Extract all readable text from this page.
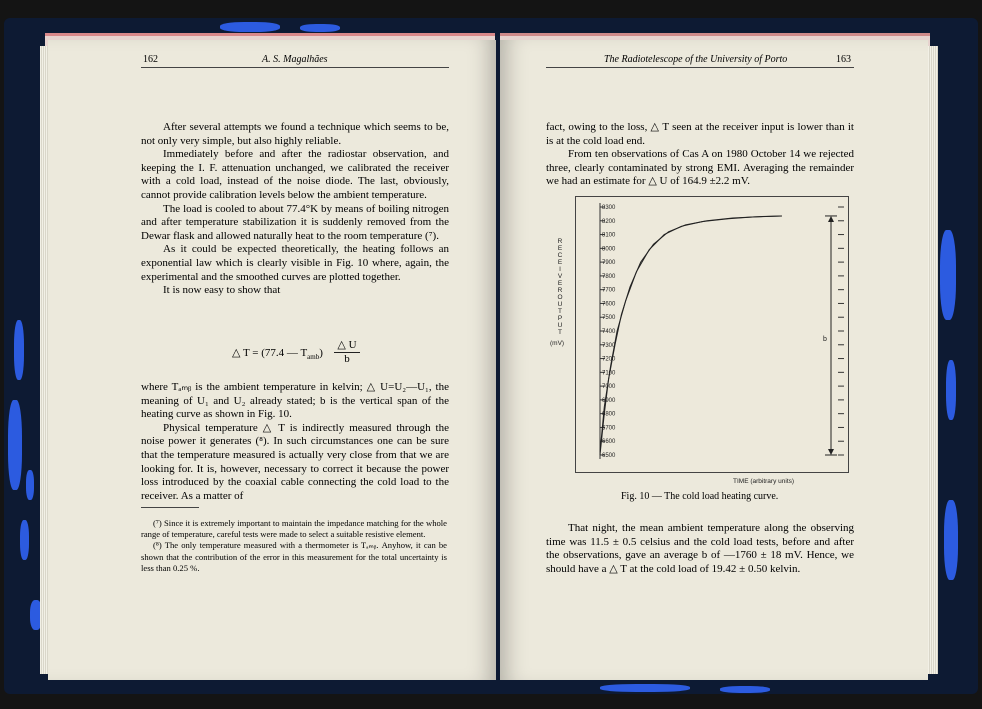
162	A. S. Magalhães

After several attempts we found a technique which seems to be, not only very simple, but also highly reliable.

Immediately before and after the radiostar observation, and keeping the I. F. attenuation unchanged, we calibrated the receiver with a cold load, instead of the noise diode. The last, obviously, cannot provide calibration levels below the ambient temperature.

The load is cooled to about 77.4°K by means of boiling nitrogen and after temperature stabilization it is suddenly removed from the Dewar flask and allowed naturally heat to the room temperature (⁷).

As it could be expected theoretically, the heating follows an exponential law which is clearly visible in Fig. 10 where, again, the experimental and the smoothed curves are plotted together.

It is now easy to show that

△ T = (77.4 — $T_{amb}) \frac{\triangle U}{b}$

where Tₐₘᵦ is the ambient temperature in kelvin; △ U=U₂—U₁, the meaning of U₁ and U₂ already stated; b is the vertical span of the heating curve as shown in Fig. 10.

Physical temperature △ T is indirectly measured through the noise power it generates (⁸). In such circumstances one can be sure that the temperature measured is actually very close from that we are looking for. It is, however, necessary to correct it because the power loss introduced by the coaxial cable connecting the cold load to the receiver. As a matter of

(⁷) Since it is extremely important to maintain the impedance matching for the whole range of temperature, careful tests were made to select a suitable resistive element.

(⁸) The only temperature measured with a thermometer is Tₐₘᵦ. Anyhow, it can be shown that the contribution of the error in this measurement for the total uncertainty is less than 0.25 %.

The Radiotelescope of the University of Porto	163

fact, owing to the loss, △ T seen at the receiver input is lower than it is at the cold load end.

From ten observations of Cas A on 1980 October 14 we rejected three, clearly contaminated by strong EMI. Averaging the remainder we had an estimate for △ U of 164.9 ±2.2 mV.

6500
6600
6700
6800
6900
7000
7100
7200
7300
7400
7500
7600
7700
7800
7900
8000
8100
8200
8300
b
Fig. 10 — The cold load heating curve.

That night, the mean ambient temperature along the observing time was 11.5 ± 0.5 celsius and the cold load tests, before and after the observations, gave an average b of —1760 ± 18 mV. Hence, we should have a △ T at the cold load of 19.42 ± 0.50 kelvin.

R
E
C
E
I
V
E
R
O
U
T
P
U
T
(mV)
TIME (arbitrary units)
